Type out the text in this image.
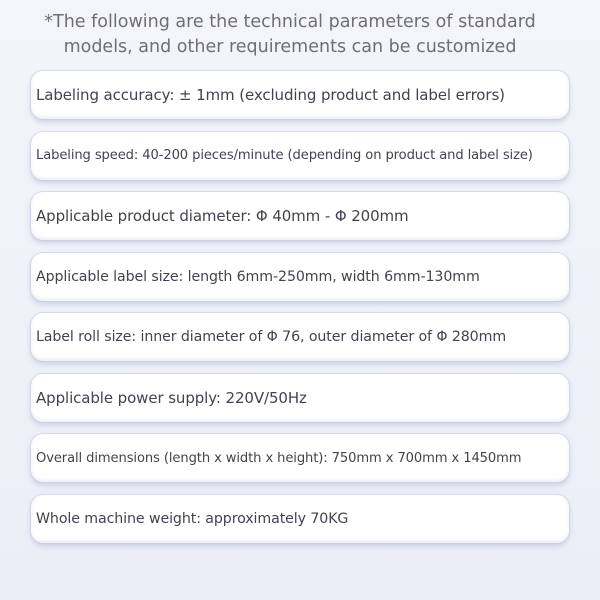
*The following are the technical parameters of standard
models, and other requirements can be customized
Labeling accuracy: ± 1mm (excluding product and label errors)
Labeling speed: 40-200 pieces/minute (depending on product and label size)
Applicable product diameter: Φ 40mm - Φ 200mm
Applicable label size: length 6mm-250mm, width 6mm-130mm
Label roll size: inner diameter of Φ 76, outer diameter of Φ 280mm
Applicable power supply: 220V/50Hz
Overall dimensions (length x width x height): 750mm x 700mm x 1450mm
Whole machine weight: approximately 70KG
